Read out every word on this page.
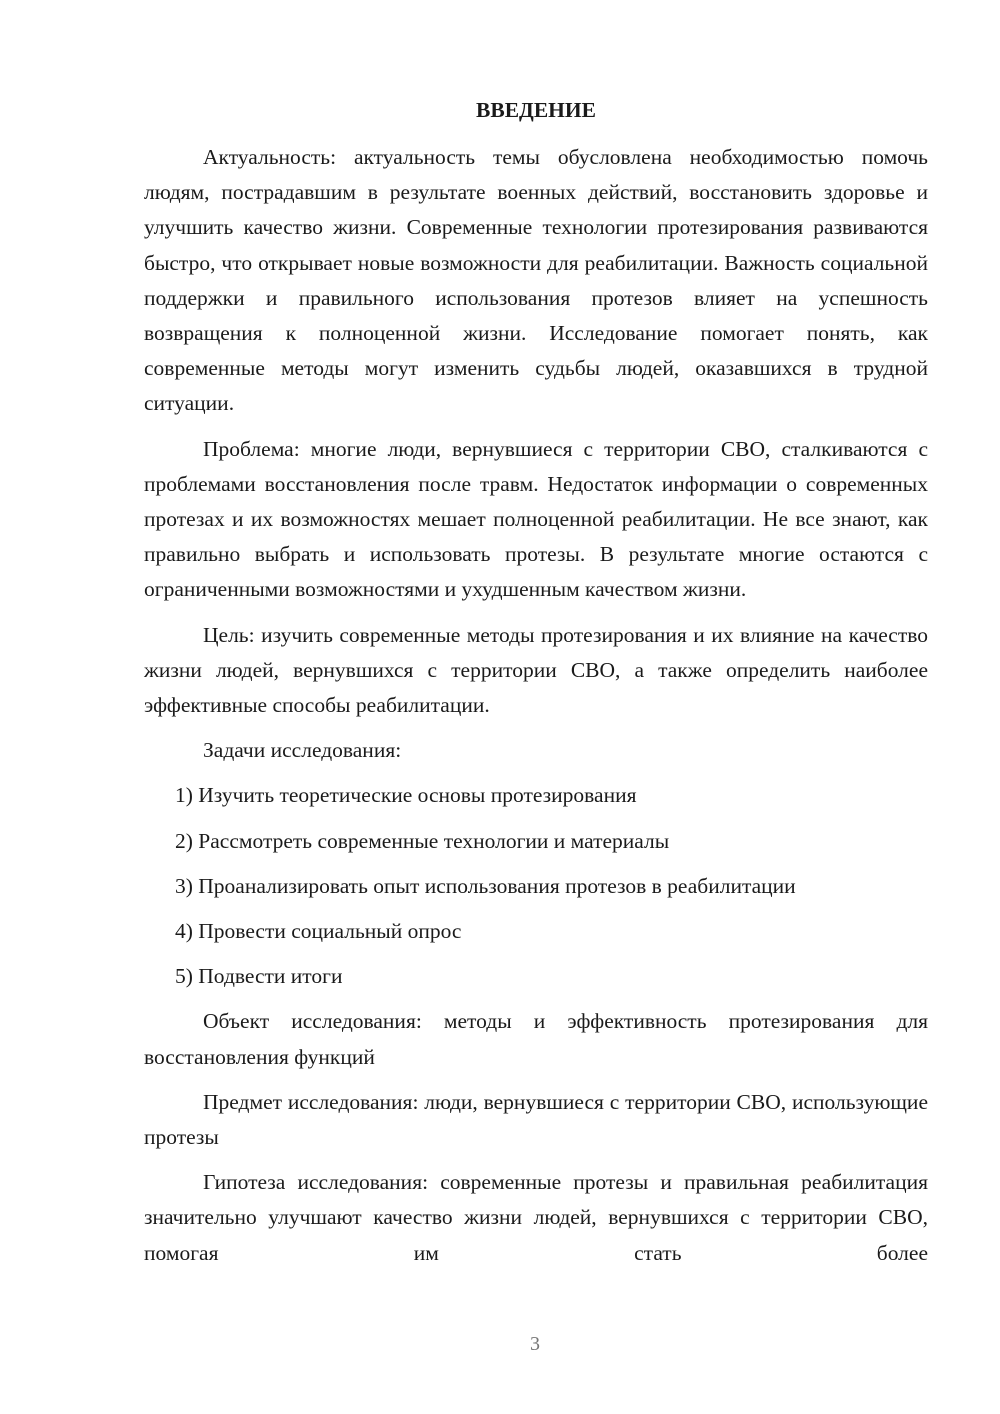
ВВЕДЕНИЕ

Актуальность: актуальность темы обусловлена необходимостью помочь людям, пострадавшим в результате военных действий, восстановить здоровье и улучшить качество жизни. Современные технологии протезирования развиваются быстро, что открывает новые возможности для реабилитации. Важность социальной поддержки и правильного использования протезов влияет на успешность возвращения к полноценной жизни. Исследование помогает понять, как современные методы могут изменить судьбы людей, оказавшихся в трудной ситуации.

Проблема: многие люди, вернувшиеся с территории СВО, сталкиваются с проблемами восстановления после травм. Недостаток информации о современных протезах и их возможностях мешает полноценной реабилитации. Не все знают, как правильно выбрать и использовать протезы. В результате многие остаются с ограниченными возможностями и ухудшенным качеством жизни.

Цель: изучить современные методы протезирования и их влияние на качество жизни людей, вернувшихся с территории СВО, а также определить наиболее эффективные способы реабилитации.

Задачи исследования:

1) Изучить теоретические основы протезирования
2) Рассмотреть современные технологии и материалы
3) Проанализировать опыт использования протезов в реабилитации
4) Провести социальный опрос
5) Подвести итоги

Объект исследования: методы и эффективность протезирования для восстановления функций

Предмет исследования: люди, вернувшиеся с территории СВО, использующие протезы

Гипотеза исследования: современные протезы и правильная реабилитация значительно улучшают качество жизни людей, вернувшихся с территории СВО, помогая им стать более

3
